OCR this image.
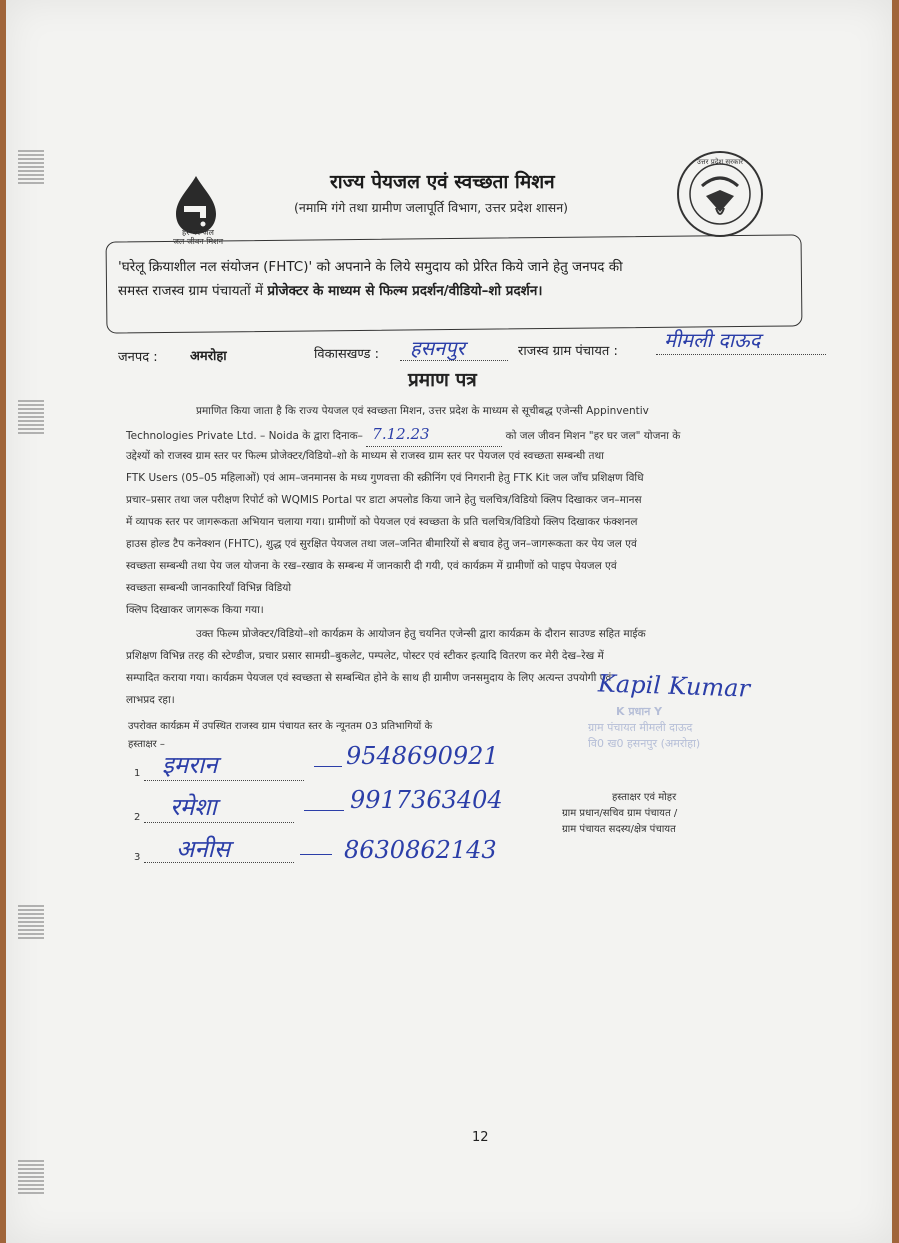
हर घर जल
जल जीवन मिशन
राज्य पेयजल एवं स्वच्छता मिशन
(नमामि गंगे तथा ग्रामीण जलापूर्ति विभाग, उत्तर प्रदेश शासन)
उत्तर प्रदेश सरकार
'घरेलू क्रियाशील नल संयोजन (FHTC)' को अपनाने के लिये समुदाय को प्रेरित किये जाने हेतु जनपद की
समस्त राजस्व ग्राम पंचायतों में प्रोजेक्टर के माध्यम से फिल्म प्रदर्शन/वीडियो–शो प्रदर्शन।
जनपद : अमरोहा	विकासखण्ड : हसनपुर	राजस्व ग्राम पंचायत : मीमली दाऊद
प्रमाण पत्र
प्रमाणित किया जाता है कि राज्य पेयजल एवं स्वच्छता मिशन, उत्तर प्रदेश के माध्यम से सूचीबद्ध एजेन्सी Appinventiv
Technologies Private Ltd. – Noida के द्वारा दिनाक– 7.12.23	को जल जीवन मिशन "हर घर जल" योजना के
उद्देश्यों को राजस्व ग्राम स्तर पर फिल्म प्रोजेक्टर/विडियो–शो के माध्यम से राजस्व ग्राम स्तर पर पेयजल एवं स्वच्छता सम्बन्धी तथा
FTK Users (05–05 महिलाओं) एवं आम–जनमानस के मध्य गुणवत्ता की स्क्रीनिंग एवं निगरानी हेतु FTK Kit जल जाँच प्रशिक्षण विधि
प्रचार–प्रसार तथा जल परीक्षण रिपोर्ट को WQMIS Portal पर डाटा अपलोड किया जाने हेतु चलचित्र/विडियो क्लिप दिखाकर जन–मानस
में व्यापक स्तर पर जागरूकता अभियान चलाया गया। ग्रामीणों को पेयजल एवं स्वच्छता के प्रति चलचित्र/विडियो क्लिप दिखाकर फंक्शनल
हाउस होल्ड टैप कनेक्शन (FHTC), शुद्ध एवं सुरक्षित पेयजल तथा जल–जनित बीमारियों से बचाव हेतु जन–जागरूकता कर पेय जल एवं
स्वच्छता सम्बन्धी तथा पेय जल योजना के रख–रखाव के सम्बन्ध में जानकारी दी गयी, एवं कार्यक्रम में ग्रामीणों को पाइप पेयजल एवं
स्वच्छता सम्बन्धी जानकारियाँ विभिन्न विडियो
क्लिप दिखाकर जागरूक किया गया।
उक्त फिल्म प्रोजेक्टर/विडियो–शो कार्यक्रम के आयोजन हेतु चयनित एजेन्सी द्वारा कार्यक्रम के दौरान साउण्ड सहित माईक
प्रशिक्षण विभिन्न तरह की स्टेण्डीज, प्रचार प्रसार सामग्री–बुकलेट, पम्पलेट, पोस्टर एवं स्टीकर इत्यादि वितरण कर मेरी देख–रेख में
सम्पादित कराया गया। कार्यक्रम पेयजल एवं स्वच्छता से सम्बन्धित होने के साथ ही ग्रामीण जनसमुदाय के लिए अत्यन्त उपयोगी एवं
लाभप्रद रहा।
K प्रधान Y
ग्राम पंचायत मीमली दाऊद
वि0 ख0 हसनपुर (अमरोहा)
Kapil Kumar
हस्ताक्षर एवं मोहर
ग्राम प्रधान/सचिव ग्राम पंचायत /
ग्राम पंचायत सदस्य/क्षेत्र पंचायत
उपरोक्त कार्यक्रम में उपस्थित राजस्व ग्राम पंचायत स्तर के न्यूनतम 03 प्रतिभागियों के
हस्ताक्षर –
1 इमरान	9548690921
2 रमेशा	9917363404
3 अनीस	8630862143
12
